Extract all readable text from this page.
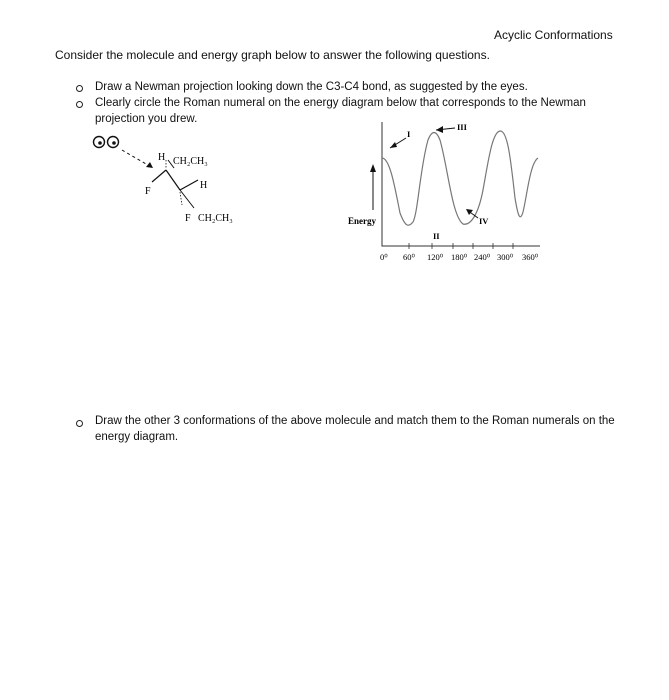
Acyclic Conformations
Consider the molecule and energy graph below to answer the following questions.
Draw a Newman projection looking down the C3-C4 bond, as suggested by the eyes.
Clearly circle the Roman numeral on the energy diagram below that corresponds to the Newman projection you drew.
Draw the other 3 conformations of the above molecule and match them to the Roman numerals on the energy diagram.
H CH₂CH₃
F
H
F CH₂CH₃	Energy
I
II
III
IV
0⁰ 60⁰ 120⁰ 180⁰ 240⁰ 300⁰ 360⁰
